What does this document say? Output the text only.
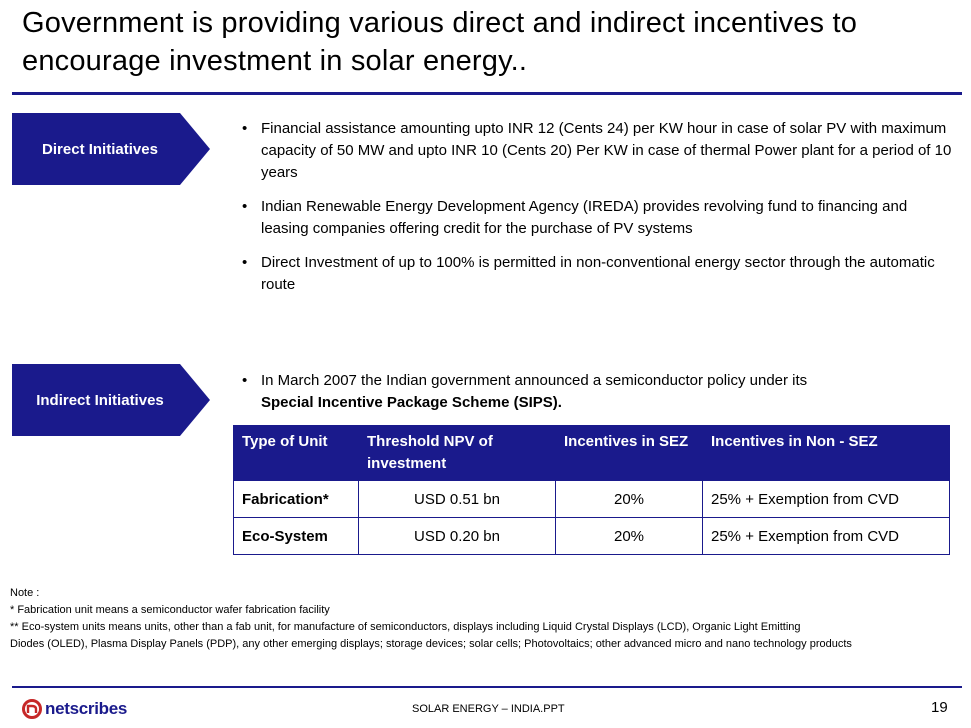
Government is providing various direct and indirect incentives to encourage investment in solar energy..
Direct Initiatives
• Financial assistance amounting upto INR 12 (Cents 24) per KW hour in case of solar PV with maximum capacity of 50 MW and upto INR 10 (Cents 20) Per KW in case of thermal Power plant for a period of 10 years
• Indian Renewable Energy Development Agency (IREDA) provides revolving fund to financing and leasing companies offering credit for the purchase of PV systems
• Direct Investment of up to 100% is permitted in non-conventional energy sector through the automatic route
Indirect Initiatives
• In March 2007 the Indian government announced a semiconductor policy under its
Special Incentive Package Scheme (SIPS).
Type of Unit	Threshold NPV of investment	Incentives in SEZ	Incentives in Non - SEZ
Fabrication*	USD 0.51 bn	20%	25% + Exemption from CVD
Eco-System	USD 0.20 bn	20%	25% + Exemption from CVD
Note :
* Fabrication unit means a semiconductor wafer fabrication facility
** Eco-system units means units, other than a fab unit, for manufacture of semiconductors, displays including Liquid Crystal Displays (LCD), Organic Light Emitting
Diodes (OLED), Plasma Display Panels (PDP), any other emerging displays; storage devices; solar cells; Photovoltaics; other advanced micro and nano technology products
netscribes	SOLAR ENERGY – INDIA.PPT	19
